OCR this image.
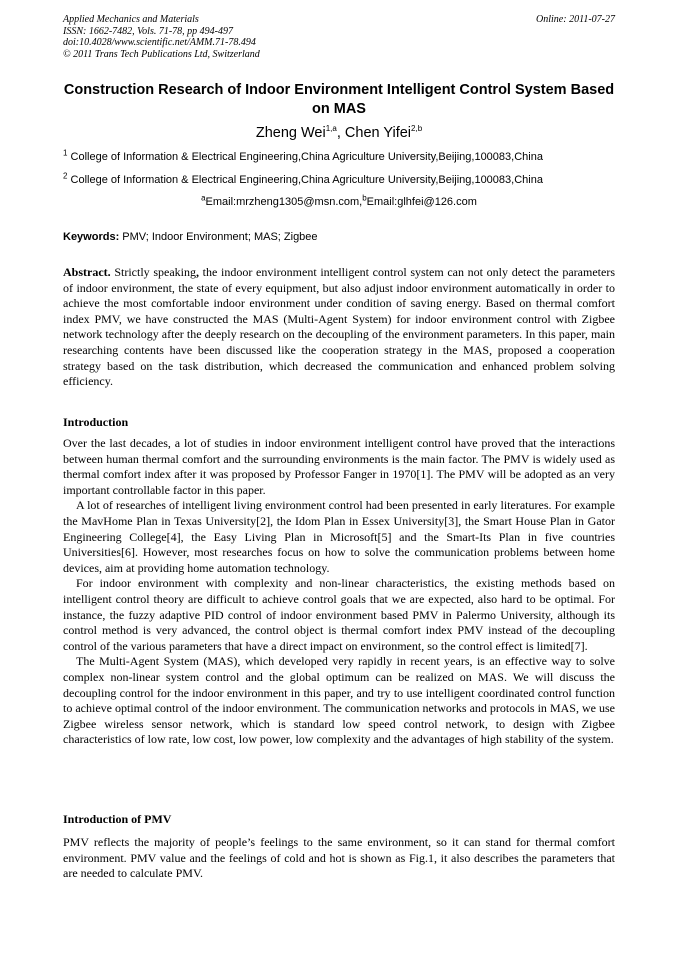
Applied Mechanics and Materials	Online: 2011-07-27
ISSN: 1662-7482, Vols. 71-78, pp 494-497
doi:10.4028/www.scientific.net/AMM.71-78.494
© 2011 Trans Tech Publications Ltd, Switzerland
Construction Research of Indoor Environment Intelligent Control System Based on MAS
Zheng Wei$^{1,a}$, Chen Yifei$^{2,b}$
$^1$ College of Information & Electrical Engineering,China Agriculture University,Beijing,100083,China
$^2$ College of Information & Electrical Engineering,China Agriculture University,Beijing,100083,China
$^a$Email:mrzheng1305@msn.com,$^b$Email:glhfei@126.com
Keywords: PMV; Indoor Environment; MAS; Zigbee
Abstract. Strictly speaking, the indoor environment intelligent control system can not only detect the parameters of indoor environment, the state of every equipment, but also adjust indoor environment automatically in order to achieve the most comfortable indoor environment under condition of saving energy. Based on thermal comfort index PMV, we have constructed the MAS (Multi-Agent System) for indoor environment control with Zigbee network technology after the deeply research on the decoupling of the environment parameters. In this paper, main researching contents have been discussed like the cooperation strategy in the MAS, proposed a cooperation strategy based on the task distribution, which decreased the communication and enhanced problem solving efficiency.
Introduction
Over the last decades, a lot of studies in indoor environment intelligent control have proved that the interactions between human thermal comfort and the surrounding environments is the main factor. The PMV is widely used as thermal comfort index after it was proposed by Professor Fanger in 1970[1]. The PMV will be adopted as an very important controllable factor in this paper.
A lot of researches of intelligent living environment control had been presented in early literatures. For example the MavHome Plan in Texas University[2], the Idom Plan in Essex University[3], the Smart House Plan in Gator Engineering College[4], the Easy Living Plan in Microsoft[5] and the Smart-Its Plan in five countries Universities[6]. However, most researches focus on how to solve the communication problems between home devices, aim at providing home automation technology.
For indoor environment with complexity and non-linear characteristics, the existing methods based on intelligent control theory are difficult to achieve control goals that we are expected, also hard to be optimal. For instance, the fuzzy adaptive PID control of indoor environment based PMV in Palermo University, although its control method is very advanced, the control object is thermal comfort index PMV instead of the decoupling control of the various parameters that have a direct impact on environment, so the control effect is limited[7].
The Multi-Agent System (MAS), which developed very rapidly in recent years, is an effective way to solve complex non-linear system control and the global optimum can be realized on MAS. We will discuss the decoupling control for the indoor environment in this paper, and try to use intelligent coordinated control function to achieve optimal control of the indoor environment. The communication networks and protocols in MAS, we use Zigbee wireless sensor network, which is standard low speed control network, to design with Zigbee characteristics of low rate, low cost, low power, low complexity and the advantages of high stability of the system.
Introduction of PMV
PMV reflects the majority of people’s feelings to the same environment, so it can stand for thermal comfort environment. PMV value and the feelings of cold and hot is shown as Fig.1, it also describes the parameters that are needed to calculate PMV.
